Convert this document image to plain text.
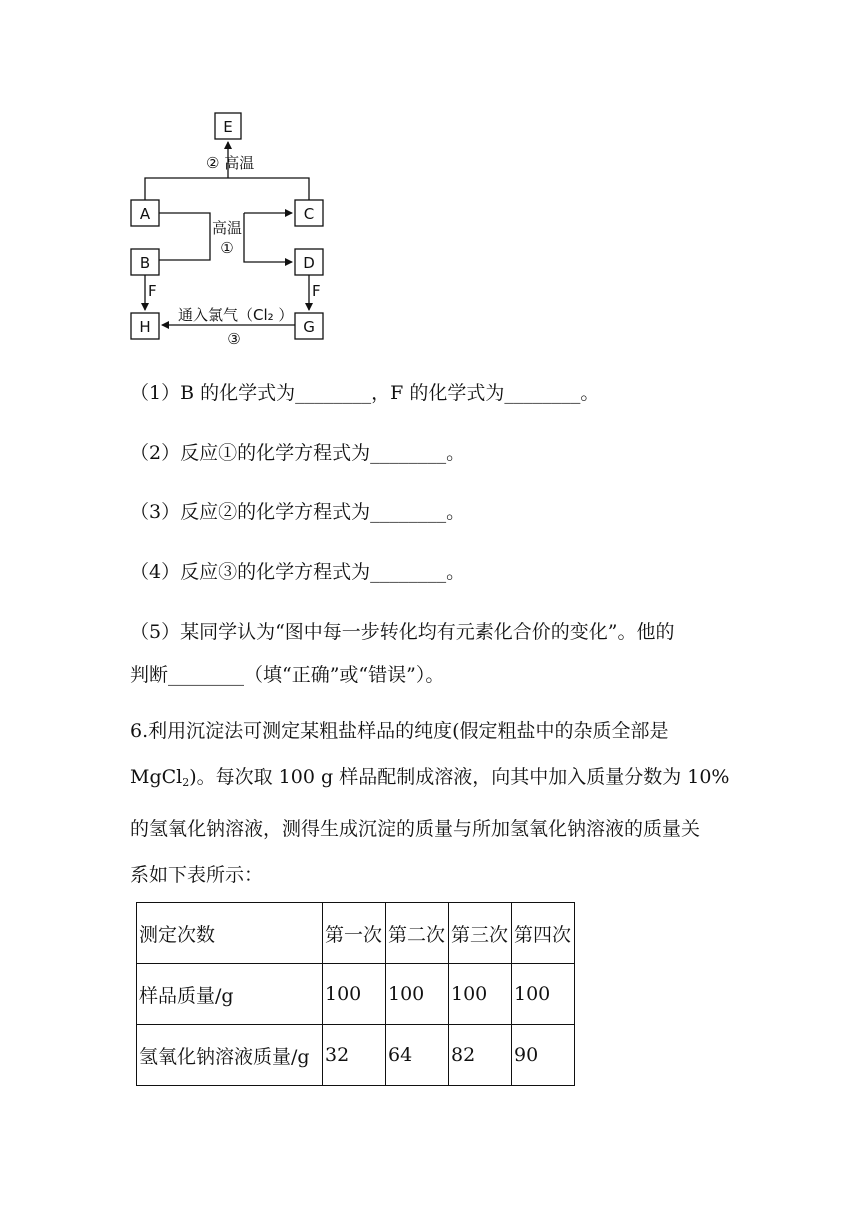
E
A
B
C
D
H	G
② 高温
高温
①
F	F
通入氯气（Cl₂ ）
③
（1）B 的化学式为________，F 的化学式为________。
（2）反应①的化学方程式为________。
（3）反应②的化学方程式为________。
（4）反应③的化学方程式为________。
（5）某同学认为“图中每一步转化均有元素化合价的变化”。他的
判断________（填“正确”或“错误”）。

6.利用沉淀法可测定某粗盐样品的纯度(假定粗盐中的杂质全部是

MgCl$_2$)。每次取 100 g 样品配制成溶液，向其中加入质量分数为 10%

的氢氧化钠溶液，测得生成沉淀的质量与所加氢氧化钠溶液的质量关

系如下表所示：

测定次数	第一次	第二次	第三次	第四次
样品质量/g	100	100	100	100
氢氧化钠溶液质量/g	32	64	82	90
